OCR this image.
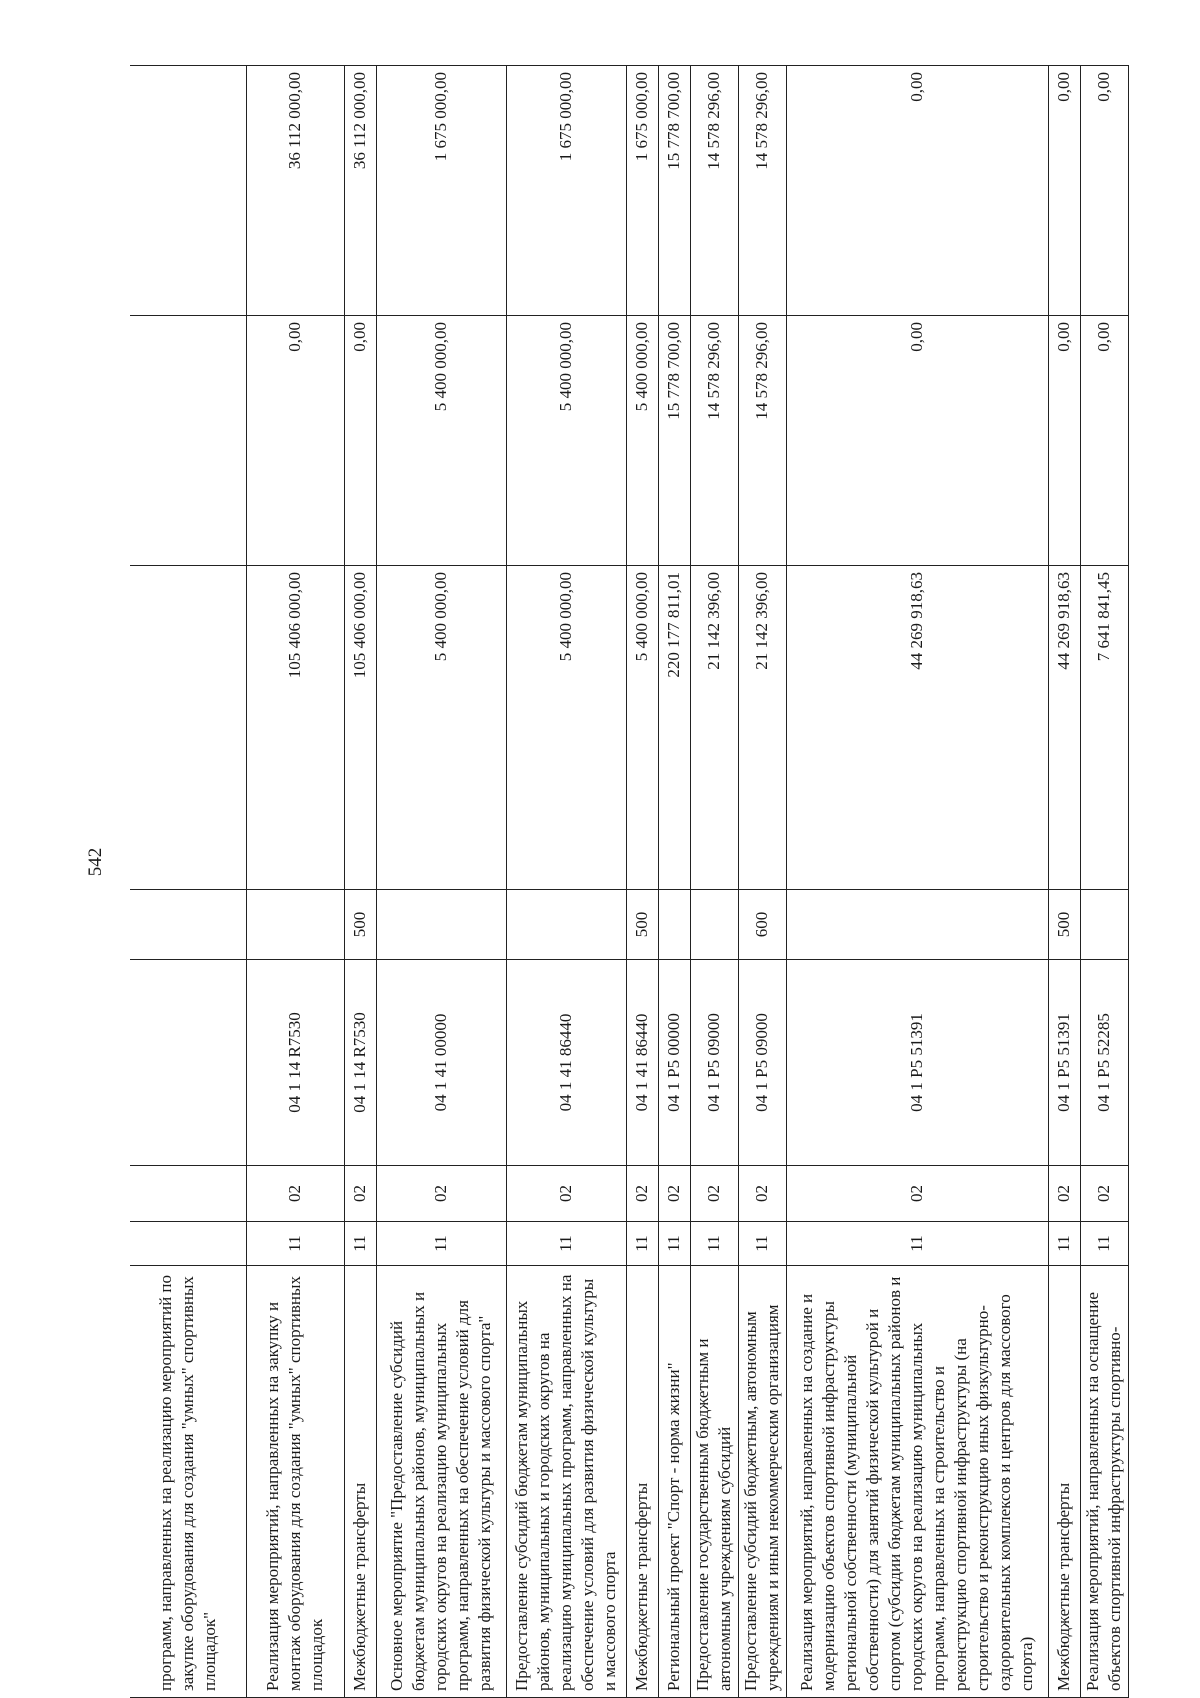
542
программ, направленных на реализацию мероприятий по закупке оборудования для создания "умных" спортивных площадок"							
Реализация мероприятий, направленных на закупку и монтаж оборудования для создания "умных" спортивных площадок	11	02	04 1 14 R7530		105 406 000,00	0,00	36 112 000,00
Межбюджетные трансферты	11	02	04 1 14 R7530	500	105 406 000,00	0,00	36 112 000,00
Основное мероприятие "Предоставление субсидий бюджетам муниципальных районов, муниципальных и городских округов на реализацию муниципальных программ, направленных на обеспечение условий для развития физической культуры и массового спорта"	11	02	04 1 41 00000		5 400 000,00	5 400 000,00	1 675 000,00
Предоставление субсидий бюджетам муниципальных районов, муниципальных и городских округов на реализацию муниципальных программ, направленных на обеспечение условий для развития физической культуры и массового спорта	11	02	04 1 41 86440		5 400 000,00	5 400 000,00	1 675 000,00
Межбюджетные трансферты	11	02	04 1 41 86440	500	5 400 000,00	5 400 000,00	1 675 000,00
Региональный проект "Спорт - норма жизни"	11	02	04 1 P5 00000		220 177 811,01	15 778 700,00	15 778 700,00
Предоставление государственным бюджетным и автономным учреждениям субсидий	11	02	04 1 P5 09000		21 142 396,00	14 578 296,00	14 578 296,00
Предоставление субсидий бюджетным, автономным учреждениям и иным некоммерческим организациям	11	02	04 1 P5 09000	600	21 142 396,00	14 578 296,00	14 578 296,00
Реализация мероприятий, направленных на создание и модернизацию объектов спортивной инфраструктуры региональной собственности (муниципальной собственности) для занятий физической культурой и спортом (субсидии бюджетам муниципальных районов и городских округов на реализацию муниципальных программ, направленных на строительство и реконструкцию спортивной инфраструктуры (на строительство и реконструкцию иных физкультурно-оздоровительных комплексов и центров для массового спорта)	11	02	04 1 P5 51391		44 269 918,63	0,00	0,00
Межбюджетные трансферты	11	02	04 1 P5 51391	500	44 269 918,63	0,00	0,00
Реализация мероприятий, направленных на оснащение объектов спортивной инфраструктуры спортивно-	11	02	04 1 P5 52285		7 641 841,45	0,00	0,00
